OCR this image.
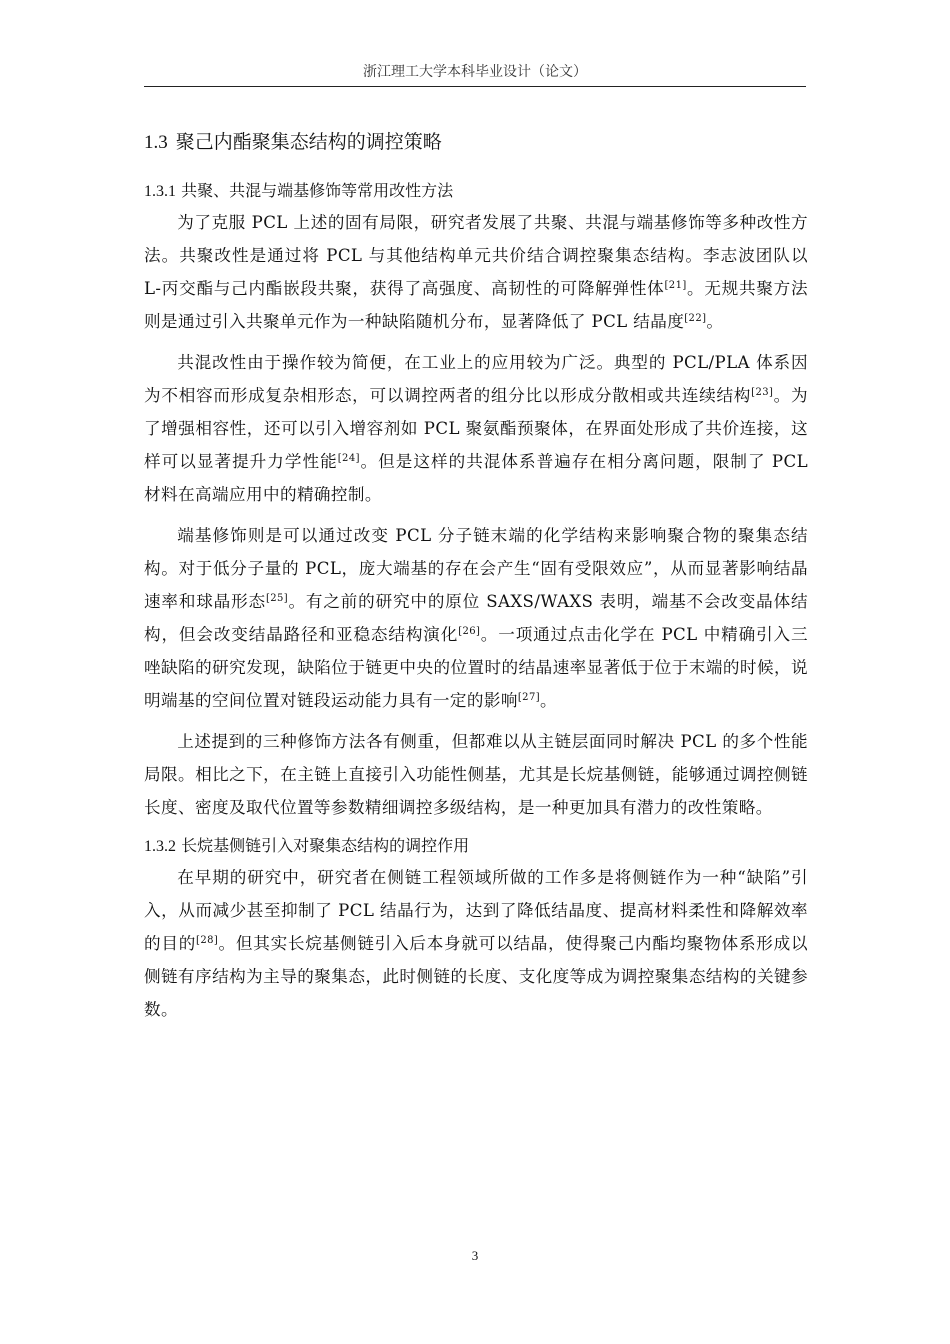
浙江理工大学本科毕业设计（论文）
1.3 聚己内酯聚集态结构的调控策略
1.3.1 共聚、共混与端基修饰等常用改性方法

为了克服 PCL 上述的固有局限，研究者发展了共聚、共混与端基修饰等多种改性方法。共聚改性是通过将 PCL 与其他结构单元共价结合调控聚集态结构。李志波团队以 L-丙交酯与己内酯嵌段共聚，获得了高强度、高韧性的可降解弹性体[21]。无规共聚方法则是通过引入共聚单元作为一种缺陷随机分布，显著降低了 PCL 结晶度[22]。

共混改性由于操作较为简便，在工业上的应用较为广泛。典型的 PCL/PLA 体系因为不相容而形成复杂相形态，可以调控两者的组分比以形成分散相或共连续结构[23]。为了增强相容性，还可以引入增容剂如 PCL 聚氨酯预聚体，在界面处形成了共价连接，这样可以显著提升力学性能[24]。但是这样的共混体系普遍存在相分离问题，限制了 PCL 材料在高端应用中的精确控制。

端基修饰则是可以通过改变 PCL 分子链末端的化学结构来影响聚合物的聚集态结构。对于低分子量的 PCL，庞大端基的存在会产生“固有受限效应”，从而显著影响结晶速率和球晶形态[25]。有之前的研究中的原位 SAXS/WAXS 表明，端基不会改变晶体结构，但会改变结晶路径和亚稳态结构演化[26]。一项通过点击化学在 PCL 中精确引入三唑缺陷的研究发现，缺陷位于链更中央的位置时的结晶速率显著低于位于末端的时候，说明端基的空间位置对链段运动能力具有一定的影响[27]。

上述提到的三种修饰方法各有侧重，但都难以从主链层面同时解决 PCL 的多个性能局限。相比之下，在主链上直接引入功能性侧基，尤其是长烷基侧链，能够通过调控侧链长度、密度及取代位置等参数精细调控多级结构，是一种更加具有潜力的改性策略。

1.3.2 长烷基侧链引入对聚集态结构的调控作用

在早期的研究中，研究者在侧链工程领域所做的工作多是将侧链作为一种“缺陷”引入，从而减少甚至抑制了 PCL 结晶行为，达到了降低结晶度、提高材料柔性和降解效率的目的[28]。但其实长烷基侧链引入后本身就可以结晶，使得聚己内酯均聚物体系形成以侧链有序结构为主导的聚集态，此时侧链的长度、支化度等成为调控聚集态结构的关键参数。

3
